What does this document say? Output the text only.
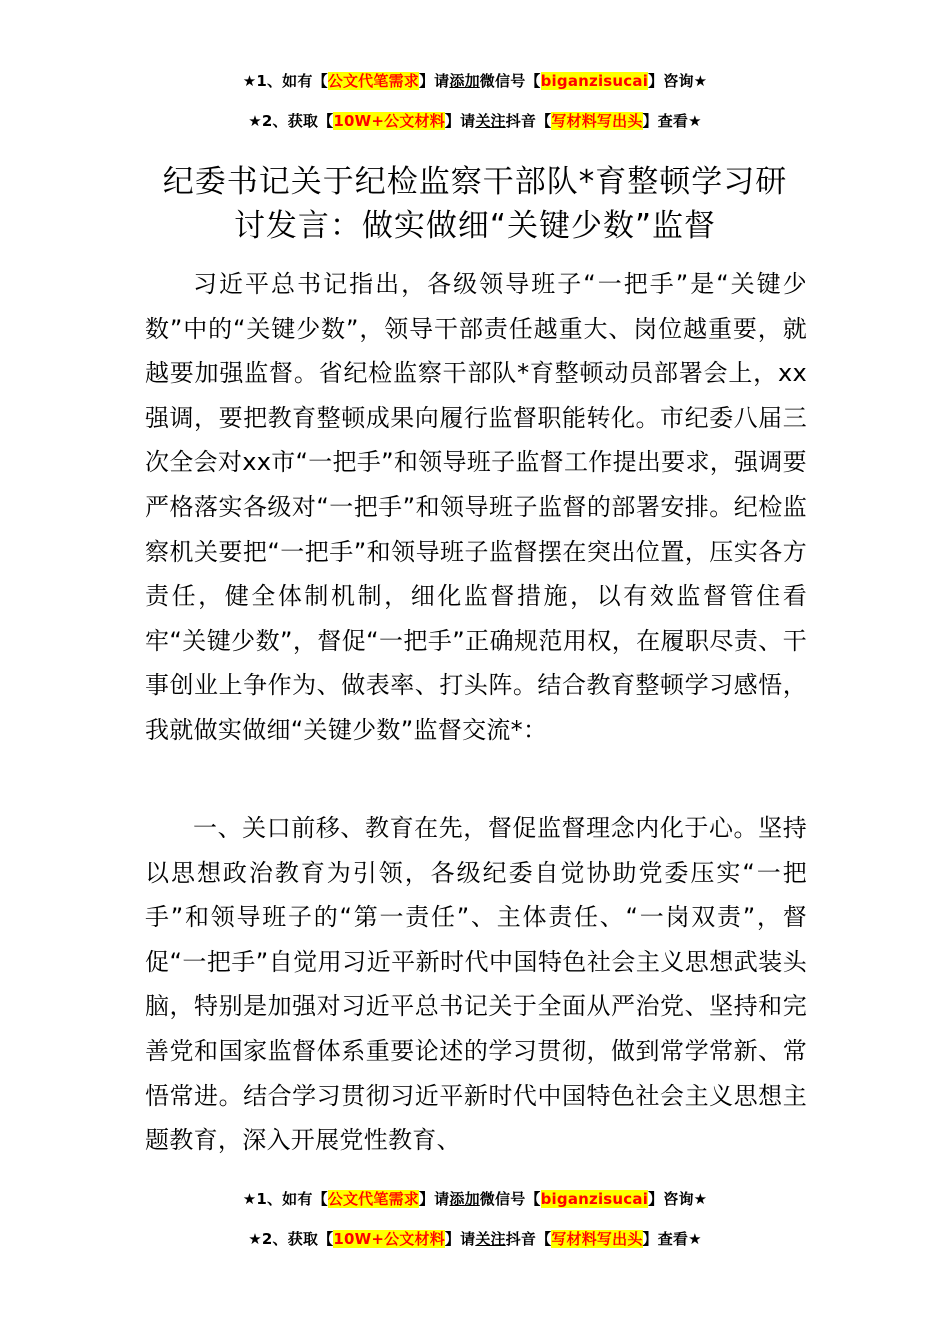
★1、如有【公文代笔需求】请添加微信号【biganzisucai】咨询★
★2、获取【10W+公文材料】请关注抖音【写材料写出头】查看★
纪委书记关于纪检监察干部队*育整顿学习研
讨发言：做实做细“关键少数”监督

习近平总书记指出，各级领导班子“一把手”是“关键少数”中的“关键少数”，领导干部责任越重大、岗位越重要，就越要加强监督。省纪检监察干部队*育整顿动员部署会上，xx强调，要把教育整顿成果向履行监督职能转化。市纪委八届三次全会对xx市“一把手”和领导班子监督工作提出要求，强调要严格落实各级对“一把手”和领导班子监督的部署安排。纪检监察机关要把“一把手”和领导班子监督摆在突出位置，压实各方责任，健全体制机制，细化监督措施，以有效监督管住看牢“关键少数”，督促“一把手”正确规范用权，在履职尽责、干事创业上争作为、做表率、打头阵。结合教育整顿学习感悟，我就做实做细“关键少数”监督交流*：

一、关口前移、教育在先，督促监督理念内化于心。坚持以思想政治教育为引领，各级纪委自觉协助党委压实“一把手”和领导班子的“第一责任”、主体责任、“一岗双责”，督促“一把手”自觉用习近平新时代中国特色社会主义思想武装头脑，特别是加强对习近平总书记关于全面从严治党、坚持和完善党和国家监督体系重要论述的学习贯彻，做到常学常新、常悟常进。结合学习贯彻习近平新时代中国特色社会主义思想主题教育，深入开展党性教育、

★1、如有【公文代笔需求】请添加微信号【biganzisucai】咨询★
★2、获取【10W+公文材料】请关注抖音【写材料写出头】查看★
